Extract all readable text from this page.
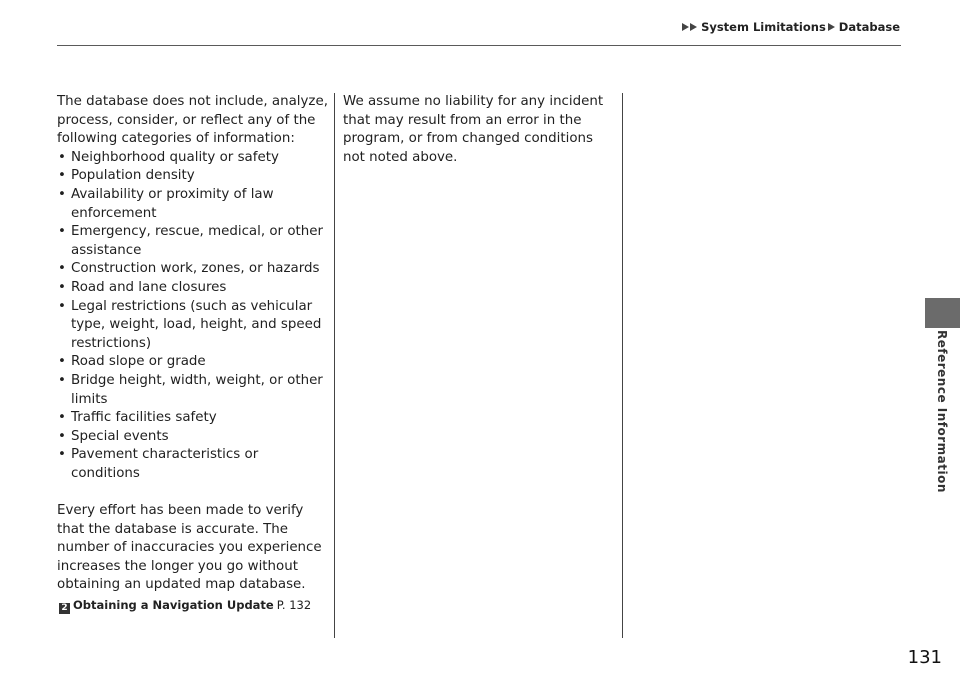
System Limitations Database

The database does not include, analyze, process, consider, or reflect any of the following categories of information:

• Neighborhood quality or safety
• Population density
• Availability or proximity of law enforcement
• Emergency, rescue, medical, or other assistance
• Construction work, zones, or hazards
• Road and lane closures
• Legal restrictions (such as vehicular type, weight, load, height, and speed restrictions)
• Road slope or grade
• Bridge height, width, weight, or other limits
• Traffic facilities safety
• Special events
• Pavement characteristics or conditions

Every effort has been made to verify that the database is accurate. The number of inaccuracies you experience increases the longer you go without obtaining an updated map database.

2 Obtaining a Navigation Update P. 132

We assume no liability for any incident that may result from an error in the program, or from changed conditions not noted above.

Reference Information
131
